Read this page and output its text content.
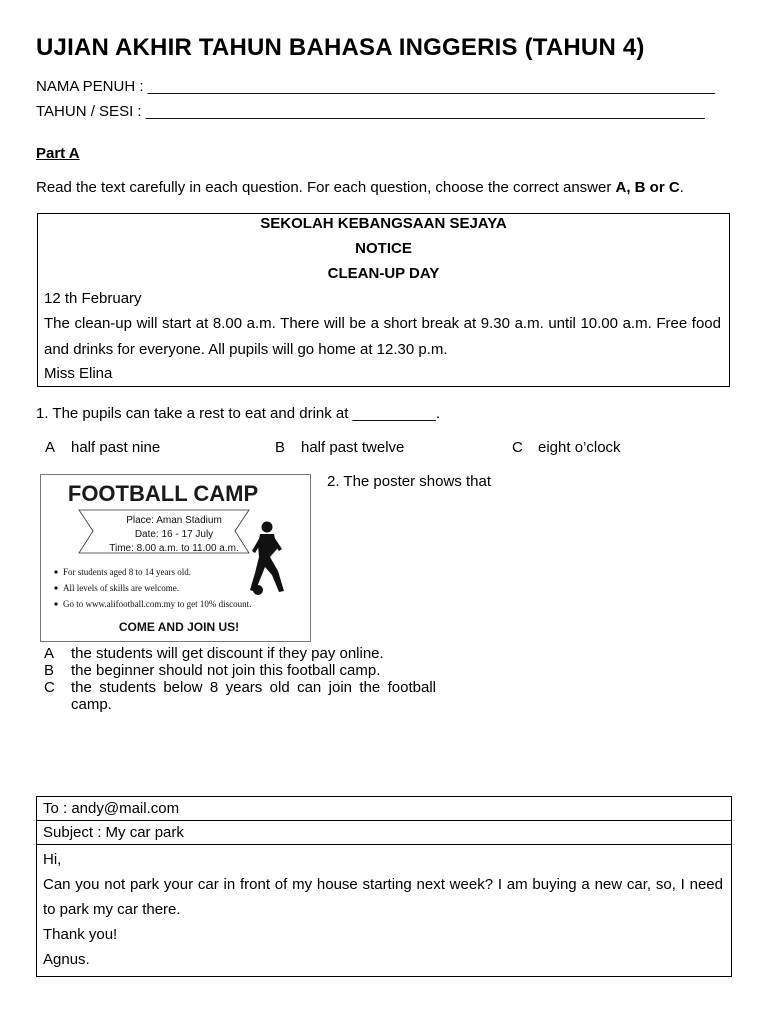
UJIAN AKHIR TAHUN BAHASA INGGERIS (TAHUN 4)
NAMA PENUH : ____________________________________________________________________
TAHUN / SESI : ___________________________________________________________________
Part A
Read the text carefully in each question. For each question, choose the correct answer A, B or C.
SEKOLAH KEBANGSAAN SEJAYA
NOTICE
CLEAN-UP DAY
12 th February
The clean-up will start at 8.00 a.m. There will be a short break at 9.30 a.m. until 10.00 a.m. Free food and drinks for everyone. All pupils will go home at 12.30 p.m.
Miss Elina
1. The pupils can take a rest to eat and drink at __________.
A half past nine	B half past twelve	C eight o’clock
FOOTBALL CAMP
Place: Aman Stadium
Date: 16 - 17 July
Time: 8.00 a.m. to 11.00 a.m.
For students aged 8 to 14 years old.
All levels of skills are welcome.
Go to www.alifootball.com.my to get 10% discount.
COME AND JOIN US!
2. The poster shows that
A the students will get discount if they pay online.
B the beginner should not join this football camp.
C the students below 8 years old can join the football camp.
To : andy@mail.com
Subject : My car park
Hi,
Can you not park your car in front of my house starting next week? I am buying a new car, so, I need to park my car there.
Thank you!
Agnus.
